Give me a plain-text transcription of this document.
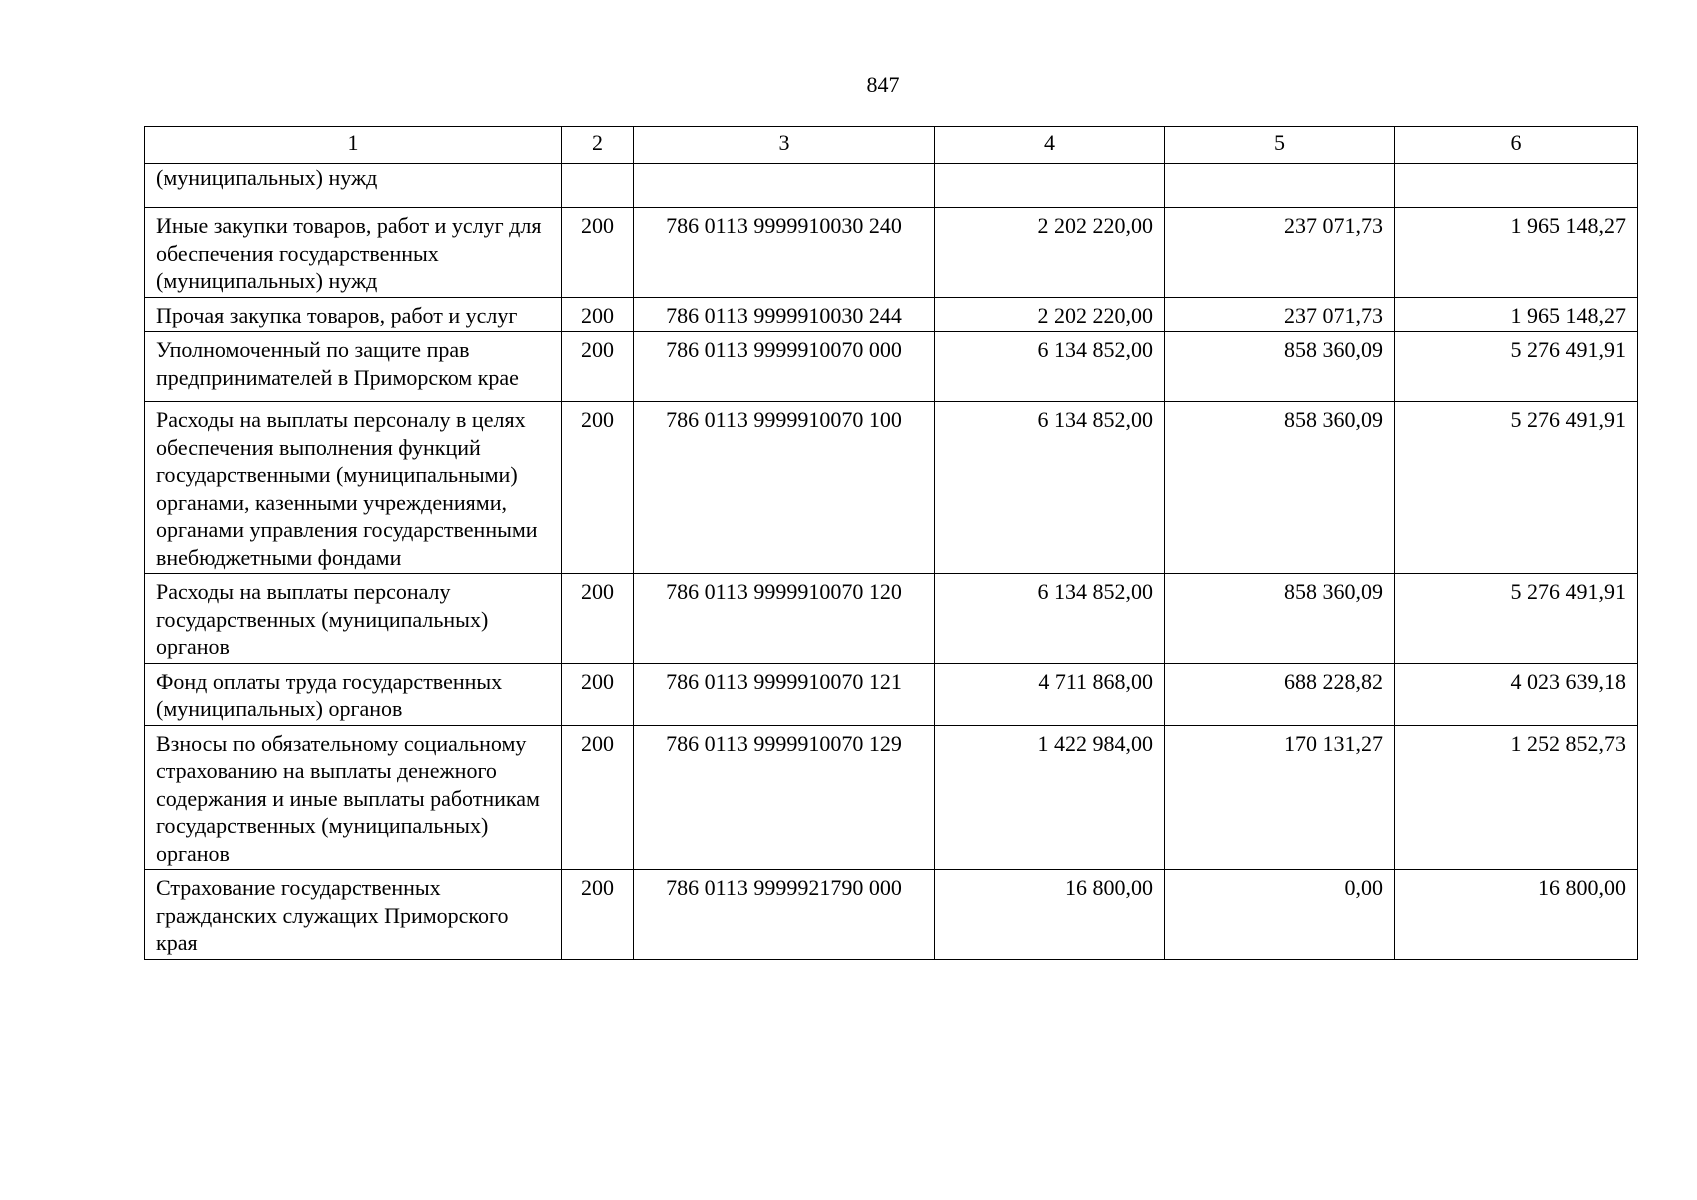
847
1	2	3	4	5	6
(муниципальных) нужд					
Иные закупки товаров, работ и услуг для обеспечения государственных (муниципальных) нужд	200	786 0113 9999910030 240	2 202 220,00	237 071,73	1 965 148,27
Прочая закупка товаров, работ и услуг	200	786 0113 9999910030 244	2 202 220,00	237 071,73	1 965 148,27
Уполномоченный по защите прав предпринимателей в Приморском крае	200	786 0113 9999910070 000	6 134 852,00	858 360,09	5 276 491,91
Расходы на выплаты персоналу в целях обеспечения выполнения функций государственными (муниципальными) органами, казенными учреждениями, органами управления государственными внебюджетными фондами	200	786 0113 9999910070 100	6 134 852,00	858 360,09	5 276 491,91
Расходы на выплаты персоналу государственных (муниципальных) органов	200	786 0113 9999910070 120	6 134 852,00	858 360,09	5 276 491,91
Фонд оплаты труда государственных (муниципальных) органов	200	786 0113 9999910070 121	4 711 868,00	688 228,82	4 023 639,18
Взносы по обязательному социальному страхованию на выплаты денежного содержания и иные выплаты работникам государственных (муниципальных) органов	200	786 0113 9999910070 129	1 422 984,00	170 131,27	1 252 852,73
Страхование государственных гражданских служащих Приморского края	200	786 0113 9999921790 000	16 800,00	0,00	16 800,00
